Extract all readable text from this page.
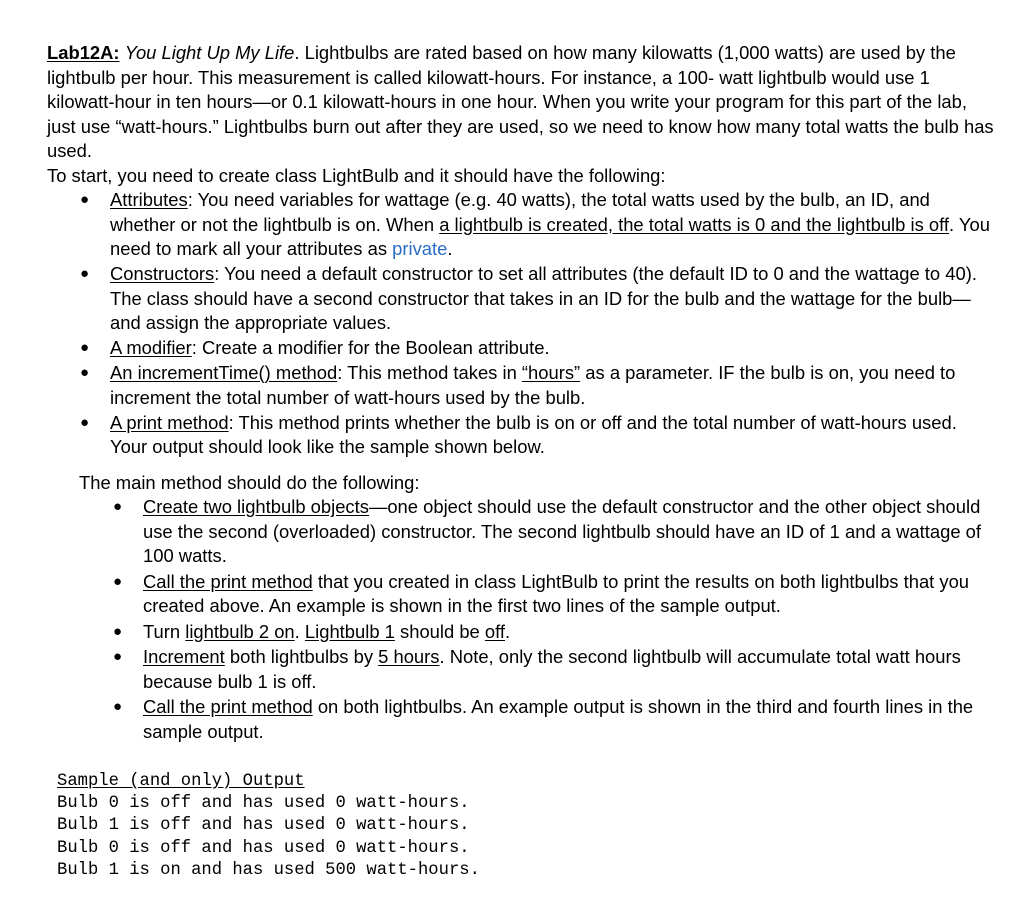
Lab12A: You Light Up My Life. Lightbulbs are rated based on how many kilowatts (1,000 watts) are used by the lightbulb per hour. This measurement is called kilowatt-hours. For instance, a 100- watt lightbulb would use 1 kilowatt-hour in ten hours—or 0.1 kilowatt-hours in one hour. When you write your program for this part of the lab, just use “watt-hours.” Lightbulbs burn out after they are used, so we need to know how many total watts the bulb has used.

To start, you need to create class LightBulb and it should have the following:

● Attributes: You need variables for wattage (e.g. 40 watts), the total watts used by the bulb, an ID, and whether or not the lightbulb is on. When a lightbulb is created, the total watts is 0 and the lightbulb is off. You need to mark all your attributes as private.
● Constructors: You need a default constructor to set all attributes (the default ID to 0 and the wattage to 40). The class should have a second constructor that takes in an ID for the bulb and the wattage for the bulb—and assign the appropriate values.
● A modifier: Create a modifier for the Boolean attribute.
● An incrementTime() method: This method takes in “hours” as a parameter. IF the bulb is on, you need to increment the total number of watt-hours used by the bulb.
● A print method: This method prints whether the bulb is on or off and the total number of watt-hours used. Your output should look like the sample shown below.

The main method should do the following:

● Create two lightbulb objects—one object should use the default constructor and the other object should use the second (overloaded) constructor. The second lightbulb should have an ID of 1 and a wattage of 100 watts.
● Call the print method that you created in class LightBulb to print the results on both lightbulbs that you created above. An example is shown in the first two lines of the sample output.
● Turn lightbulb 2 on. Lightbulb 1 should be off.
● Increment both lightbulbs by 5 hours. Note, only the second lightbulb will accumulate total watt hours because bulb 1 is off.
● Call the print method on both lightbulbs. An example output is shown in the third and fourth lines in the sample output.
Sample (and only) Output
Bulb 0 is off and has used 0 watt-hours.
Bulb 1 is off and has used 0 watt-hours.
Bulb 0 is off and has used 0 watt-hours.
Bulb 1 is on and has used 500 watt-hours.
